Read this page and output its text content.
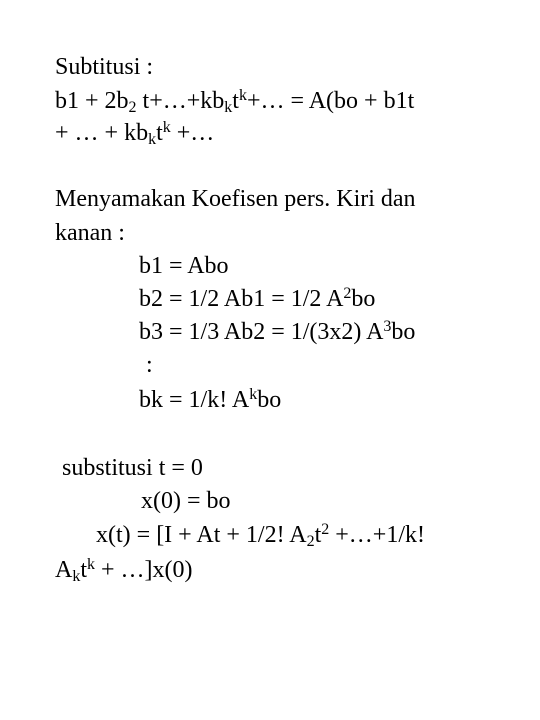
Subtitusi :
$b1 + 2b_2$ $t+\dots+kb_kt^k+\dots = A(bo + b1t$
+ … + $kb_kt^k$ +…
Menyamakan Koefisen pers. Kiri dan
kanan :
b1 = Abo
b2 = 1/2 Ab1 = 1/2 $A^2bo$
b3 = 1/3 Ab2 = 1/(3x2) $A^3bo$
:
bk = 1/k! $A^kbo$
substitusi t = 0
x(0) = bo
x(t) = [I + At + 1/2! $A_2t^2$ +…+1/k!
$A_kt^k$ + …]x(0)
